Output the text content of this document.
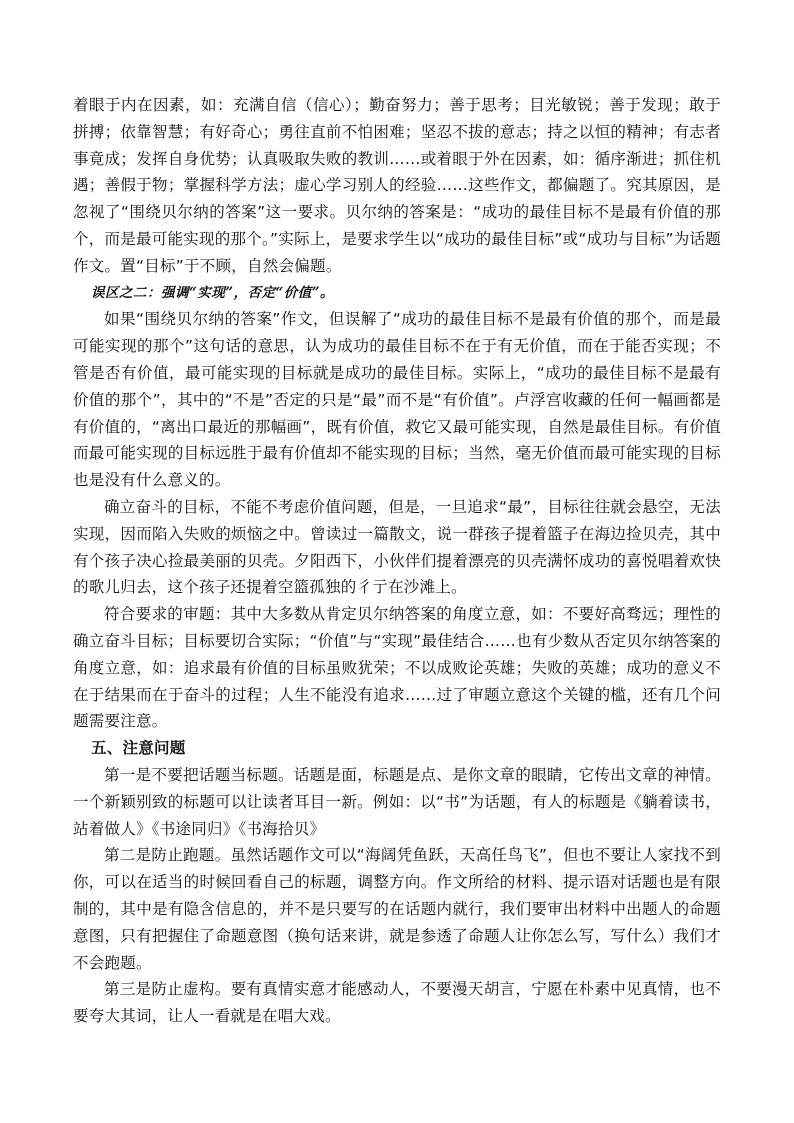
着眼于内在因素，如：充满自信（信心）；勤奋努力；善于思考；目光敏锐；善于发现；敢于拼搏；依靠智慧；有好奇心；勇往直前不怕困难；坚忍不拔的意志；持之以恒的精神；有志者事竟成；发挥自身优势；认真吸取失败的教训……或着眼于外在因素，如：循序渐进；抓住机遇；善假于物；掌握科学方法；虚心学习别人的经验……这些作文，都偏题了。究其原因，是忽视了“围绕贝尔纳的答案”这一要求。贝尔纳的答案是：“成功的最佳目标不是最有价值的那个，而是最可能实现的那个。”实际上，是要求学生以“成功的最佳目标”或“成功与目标”为话题作文。置“目标”于不顾，自然会偏题。

误区之二：强调“实现”，否定“价值”。

如果“围绕贝尔纳的答案”作文，但误解了“成功的最佳目标不是最有价值的那个，而是最可能实现的那个”这句话的意思，认为成功的最佳目标不在于有无价值，而在于能否实现；不管是否有价值，最可能实现的目标就是成功的最佳目标。实际上，“成功的最佳目标不是最有价值的那个”，其中的“不是”否定的只是“最”而不是“有价值”。卢浮宫收藏的任何一幅画都是有价值的，“离出口最近的那幅画”，既有价值，救它又最可能实现，自然是最佳目标。有价值而最可能实现的目标远胜于最有价值却不能实现的目标；当然，毫无价值而最可能实现的目标也是没有什么意义的。

确立奋斗的目标，不能不考虑价值问题，但是，一旦追求“最”，目标往往就会悬空，无法实现，因而陷入失败的烦恼之中。曾读过一篇散文，说一群孩子提着篮子在海边捡贝壳，其中有个孩子决心捡最美丽的贝壳。夕阳西下，小伙伴们提着漂亮的贝壳满怀成功的喜悦唱着欢快的歌儿归去，这个孩子还提着空篮孤独的彳亍在沙滩上。

符合要求的审题：其中大多数从肯定贝尔纳答案的角度立意，如：不要好高骛远；理性的确立奋斗目标；目标要切合实际；“价值”与“实现”最佳结合……也有少数从否定贝尔纳答案的角度立意，如：追求最有价值的目标虽败犹荣；不以成败论英雄；失败的英雄；成功的意义不在于结果而在于奋斗的过程；人生不能没有追求……过了审题立意这个关键的槛，还有几个问题需要注意。

五、注意问题

第一是不要把话题当标题。话题是面，标题是点、是你文章的眼睛，它传出文章的神情。一个新颖别致的标题可以让读者耳目一新。例如：以“书”为话题，有人的标题是《躺着读书，站着做人》《书途同归》《书海拾贝》

第二是防止跑题。虽然话题作文可以“海阔凭鱼跃，天高任鸟飞”，但也不要让人家找不到你，可以在适当的时候回看自己的标题，调整方向。作文所给的材料、提示语对话题也是有限制的，其中是有隐含信息的，并不是只要写的在话题内就行，我们要审出材料中出题人的命题意图，只有把握住了命题意图（换句话来讲，就是参透了命题人让你怎么写，写什么）我们才不会跑题。

第三是防止虚构。要有真情实意才能感动人，不要漫天胡言，宁愿在朴素中见真情，也不要夸大其词，让人一看就是在唱大戏。
